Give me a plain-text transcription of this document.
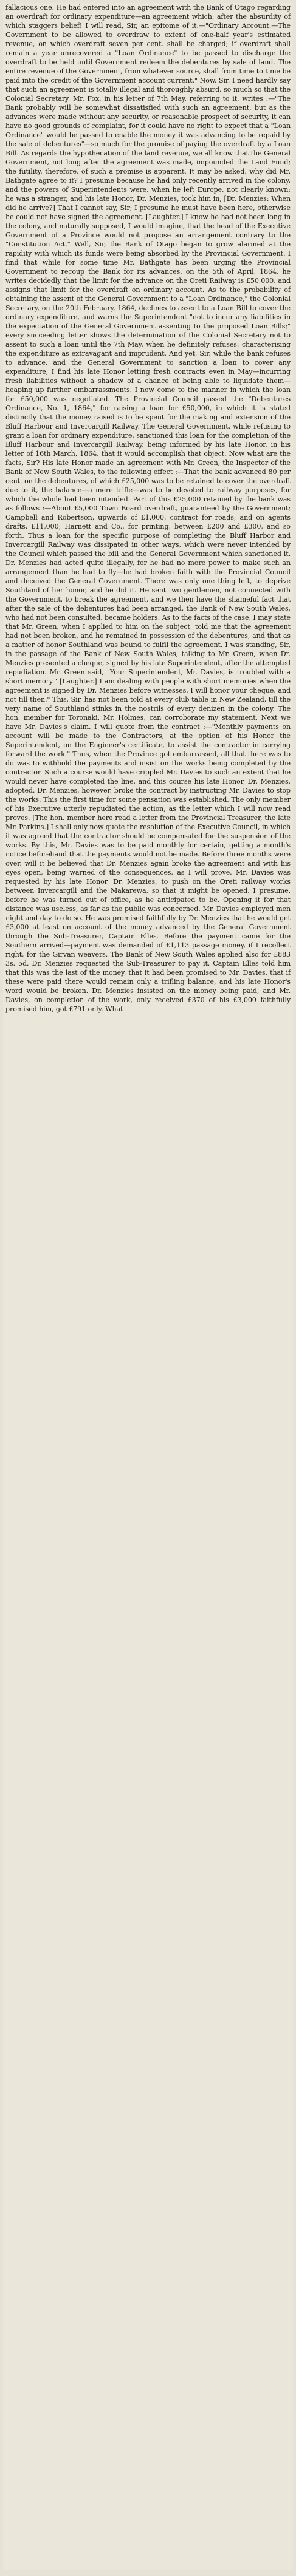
fallacious one. He had entered into an agreement with the Bank of Otago regarding an overdraft for ordinary expenditure—an agreement which, after the absurdity of which staggers belief! I will read, Sir, an epitome of it.—"Ordinary Account.—The Government to be allowed to overdraw to extent of one-half year's estimated revenue, on which overdraft seven per cent. shall be charged; if overdraft shall remain a year unrecovered a "Loan Ordinance" to be passed to discharge the overdraft to be held until Government redeem the debentures by sale of land. The entire revenue of the Government, from whatever source, shall from time to time be paid into the credit of the Government account current." Now, Sir, I need hardly say that such an agreement is totally illegal and thoroughly absurd, so much so that the Colonial Secretary, Mr. Fox, in his letter of 7th May, referring to it, writes :—"The Bank probably will be somewhat dissatisfied with such an agreement, but as the advances were made without any security, or reasonable prospect of security, it can have no good grounds of complaint, for it could have no right to expect that a "Loan Ordinance" would be passed to enable the money it was advancing to be repaid by the sale of debentures"—so much for the promise of paying the overdraft by a Loan Bill. As regards the hypothecation of the land revenue, we all know that the General Government, not long after the agreement was made, impounded the Land Fund; the futility, therefore, of such a promise is apparent. It may be asked, why did Mr. Bathgate agree to it? I presume because he had only recently arrived in the colony, and the powers of Superintendents were, when he left Europe, not clearly known; he was a stranger, and his late Honor, Dr. Menzies, took him in, [Dr. Menzies: When did he arrive?] That I cannot say, Sir; I presume he must have been here, otherwise he could not have signed the agreement. [Laughter.] I know he had not been long in the colony, and naturally supposed, I would imagine, that the head of the Executive Government of a Province would not propose an arrangement contrary to the "Constitution Act." Well, Sir, the Bank of Otago began to grow alarmed at the rapidity with which its funds were being absorbed by the Provincial Government. I find that while for some time Mr. Bathgate has been urging the Provincial Government to recoup the Bank for its advances, on the 5th of April, 1864, he writes decidedly that the limit for the advance on the Oreti Railway is £50,000, and assigns that limit for the overdraft on ordinary account. As to the probability of obtaining the assent of the General Government to a "Loan Ordinance," the Colonial Secretary, on the 20th February, 1864, declines to assent to a Loan Bill to cover the ordinary expenditure, and warns the Superintendent "not to incur any liabilities in the expectation of the General Government assenting to the proposed Loan Bills;" every succeeding letter shows the determination of the Colonial Secretary not to assent to such a loan until the 7th May, when he definitely refuses, characterising the expenditure as extravagant and imprudent. And yet, Sir, while the bank refuses to advance, and the General Government to sanction a loan to cover any expenditure, I find his late Honor letting fresh contracts even in May—incurring fresh liabilities without a shadow of a chance of being able to liquidate them—heaping up further embarrassments. I now come to the manner in which the loan for £50,000 was negotiated. The Provincial Council passed the "Debentures Ordinance, No. 1, 1864," for raising a loan for £50,000, in which it is stated distinctly that the money raised is to be spent for the making and extension of the Bluff Harbour and Invercargill Railway. The General Government, while refusing to grant a loan for ordinary expenditure, sanctioned this loan for the completion of the Bluff Harbour and Invercargill Railway, being informed by his late Honor, in his letter of 16th March, 1864, that it would accomplish that object. Now what are the facts, Sir? His late Honor made an agreement with Mr. Green, the Inspector of the Bank of New South Wales, to the following effect :—That the bank advanced 80 per cent. on the debentures, of which £25,000 was to be retained to cover the overdraft due to it, the balance—a mere trifle—was to be devoted to railway purposes, for which the whole had been intended. Part of this £25,000 retained by the bank was as follows :—About £5,000 Town Board overdraft, guaranteed by the Government; Campbell and Robertson, upwards of £1,000, contract for roads; and on agents drafts, £11,000; Harnett and Co., for printing, between £200 and £300, and so forth. Thus a loan for the specific purpose of completing the Bluff Harbor and Invercargill Railway was dissipated in other ways, which were never intended by the Council which passed the bill and the General Government which sanctioned it. Dr. Menzies had acted quite illegally, for he had no more power to make such an arrangement than he had to fly—he had broken faith with the Provincial Council and deceived the General Government. There was only one thing left, to deprive Southland of her honor, and he did it. He sent two gentlemen, not connected with the Government, to break the agreement, and we then have the shameful fact that after the sale of the debentures had been arranged, the Bank of New South Wales, who had not been consulted, became holders. As to the facts of the case, I may state that Mr. Green, when I applied to him on the subject, told me that the agreement had not been broken, and he remained in possession of the debentures, and that as a matter of honor Southland was bound to fulfil the agreement. I was standing, Sir, in the passage of the Bank of New South Wales, talking to Mr. Green, when Dr. Menzies presented a cheque, signed by his late Superintendent, after the attempted repudiation. Mr. Green said, "Your Superintendent, Mr. Davies, is troubled with a short memory." [Laughter.] I am dealing with people with short memories when the agreement is signed by Dr. Menzies before witnesses, I will honor your cheque, and not till then." This, Sir, has not been told at every club table in New Zealand, till the very name of Southland stinks in the nostrils of every denizen in the colony. The hon. member for Toronaki, Mr. Holmes, can corroborate my statement. Next we have Mr. Davies's claim. I will quote from the contract :—"Monthly payments on account will be made to the Contractors, at the option of his Honor the Superintendent, on the Engineer's certificate, to assist the contractor in carrying forward the work." Thus, when the Province got embarrassed, all that there was to do was to withhold the payments and insist on the works being completed by the contractor. Such a course would have crippled Mr. Davies to such an extent that he would never have completed the line, and this course his late Honor, Dr. Menzies, adopted. Dr. Menzies, however, broke the contract by instructing Mr. Davies to stop the works. This the first time for some pensation was established. The only member of his Executive utterly repudiated the action, as the letter which I will now read proves. [The hon. member here read a letter from the Provincial Treasurer, the late Mr. Parkins.] I shall only now quote the resolution of the Executive Council, in which it was agreed that the contractor should be compensated for the suspension of the works. By this, Mr. Davies was to be paid monthly for certain, getting a month's notice beforehand that the payments would not be made. Before three months were over, will it be believed that Dr. Menzies again broke the agreement and with his eyes open, being warned of the consequences, as I will prove. Mr. Davies was requested by his late Honor, Dr. Menzies, to push on the Oreti railway works between Invercargill and the Makarewa, so that it might be opened, I presume, before he was turned out of office, as he anticipated to be. Opening it for that distance was useless, as far as the public was concerned. Mr. Davies employed men night and day to do so. He was promised faithfully by Dr. Menzies that he would get £3,000 at least on account of the money advanced by the General Government through the Sub-Treasurer, Captain Elles. Before the payment came for the Southern arrived—payment was demanded of £1,113 passage money, if I recollect right, for the Girvan weavers. The Bank of New South Wales applied also for £883 3s. 5d. Dr. Menzies requested the Sub-Treasurer to pay it. Captain Elles told him that this was the last of the money, that it had been promised to Mr. Davies, that if these were paid there would remain only a trifling balance, and his late Honor's word would be broken. Dr. Menzies insisted on the money being paid, and Mr. Davies, on completion of the work, only received £370 of his £3,000 faithfully promised him, got £791 only. What
